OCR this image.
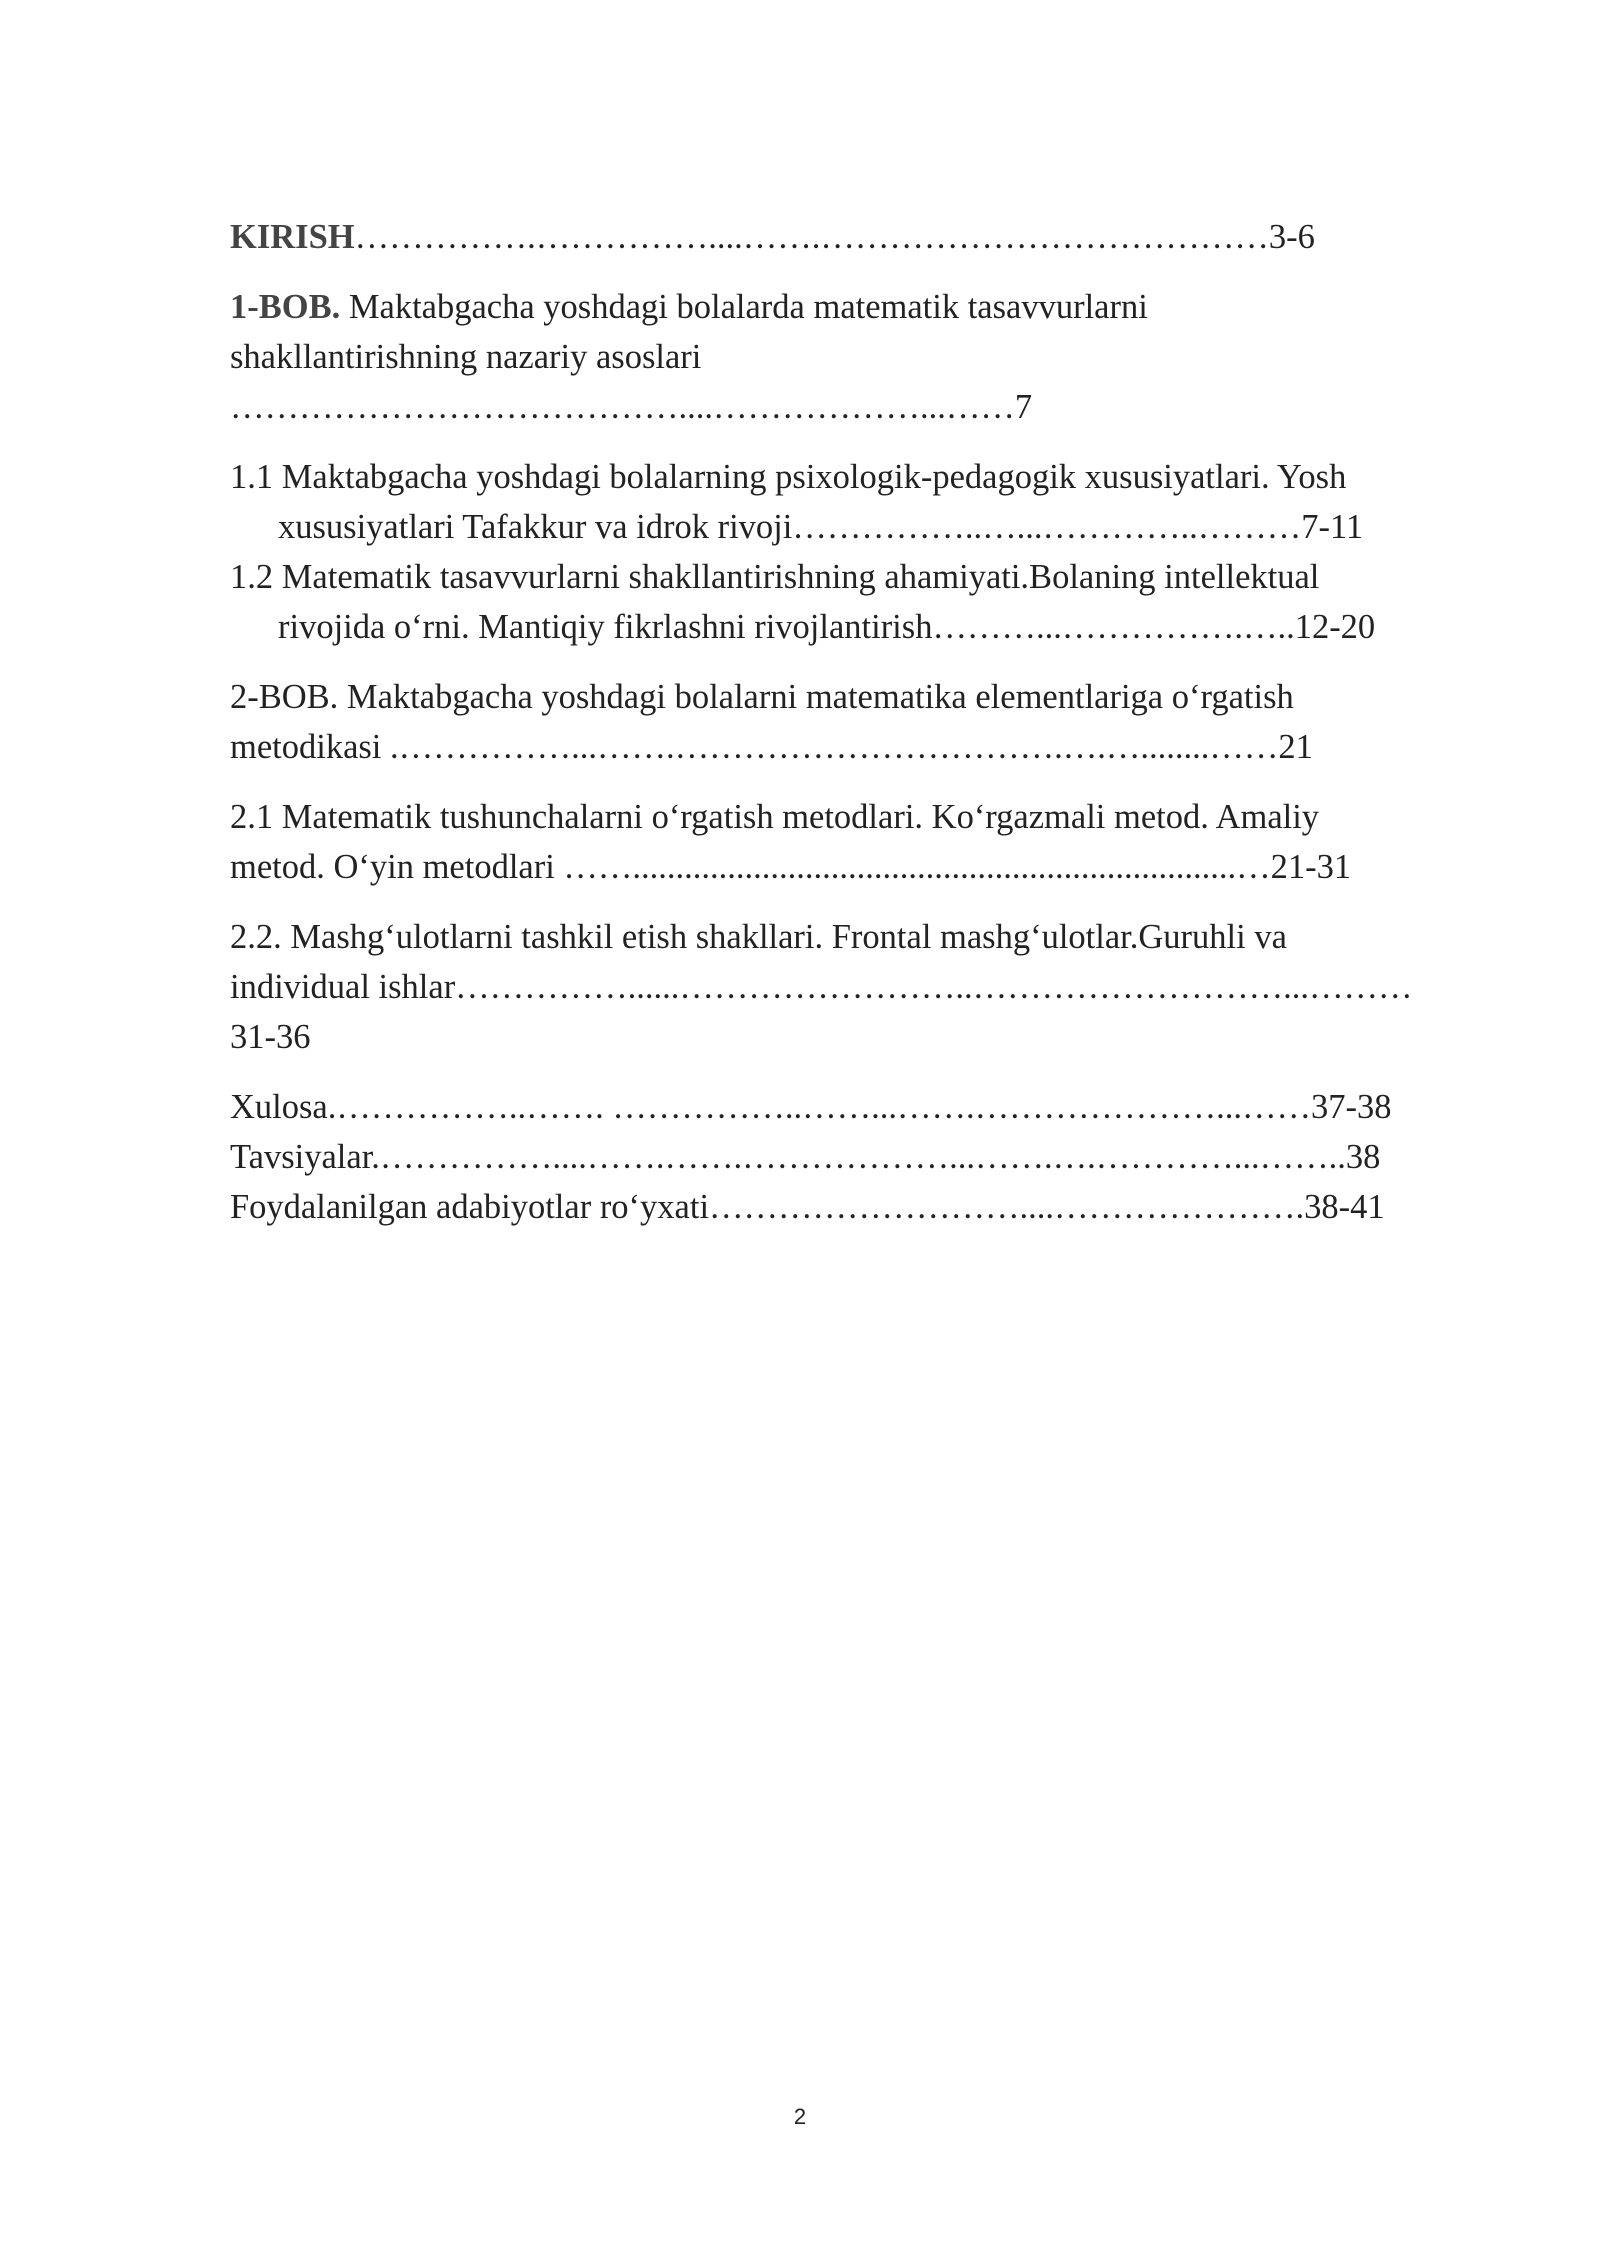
KIRISH…………….……………....…….…………………………………3-6

1-BOB. Maktabgacha yoshdagi bolalarda matematik tasavvurlarni

shakllantirishning nazariy asoslari

…………………………………....………………...……7

1.1 Maktabgacha yoshdagi bolalarning psixologik-pedagogik xususiyatlari. Yosh

xususiyatlari Tafakkur va idrok rivoji……………..…...…………..………7-11

1.2 Matematik tasavvurlarni shakllantirishning ahamiyati.Bolaning intellektual

rivojida o‘rni. Mantiqiy fikrlashni rivojlantirish………...…………….…..12-20

2-BOB. Maktabgacha yoshdagi bolalarni matematika elementlariga o‘rgatish

metodikasi .……………...…….…………………………….….…........……21

2.1 Matematik tushunchalarni o‘rgatish metodlari. Ko‘rgazmali metod. Amaliy

metod. O‘yin metodlari ……......................................................................…21-31

2.2. Mashg‘ulotlarni tashkil etish shakllari. Frontal mashg‘ulotlar.Guruhli va

individual ishlar……………......……………………..………………………...………

31-36

Xulosa.……………..……. ……………..……...…….…………………...……37-38

Tavsiyalar.……………....…….…….………………...…….….…………...……..38

Foydalanilgan adabiyotlar ro‘yxati………………………....………………….38-41

2
